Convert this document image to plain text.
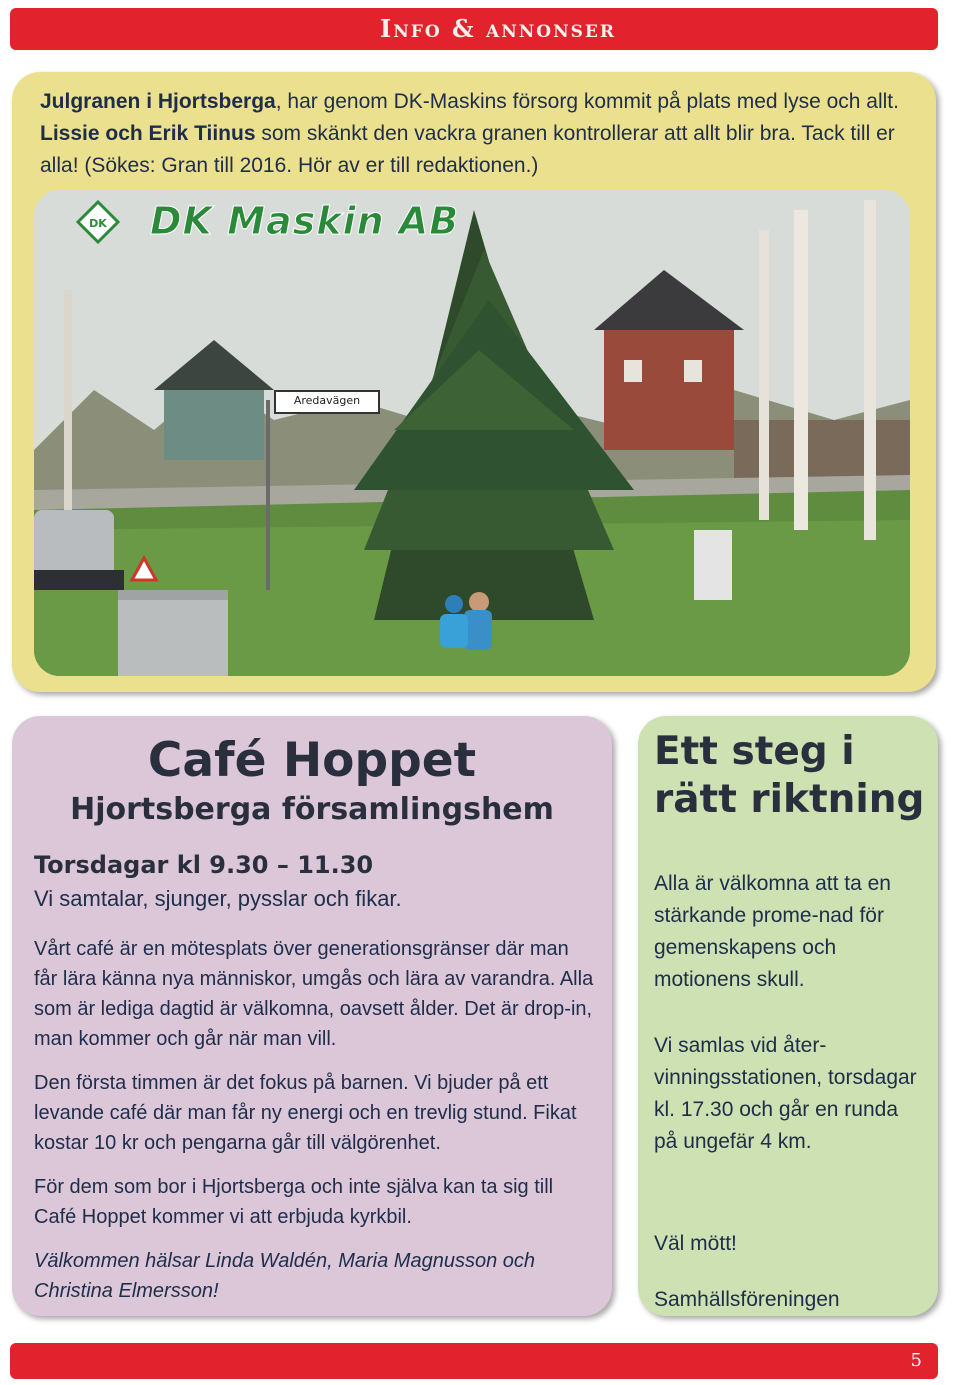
Info & annonser
Julgranen i Hjortsberga, har genom DK-Maskins försorg kommit på plats med lyse och allt. Lissie och Erik Tiinus som skänkt den vackra granen kontrollerar att allt blir bra. Tack till er alla! (Sökes: Gran till 2016. Hör av er till redaktionen.)
DK DK Maskin AB
Aredavägen
Café Hoppet
Hjortsberga församlingshem
Torsdagar kl 9.30 – 11.30
Vi samtalar, sjunger, pysslar och fikar.
Vårt café är en mötesplats över generationsgränser där man får lära känna nya människor, umgås och lära av varandra. Alla som är lediga dagtid är välkomna, oavsett ålder. Det är drop-in, man kommer och går när man vill.
Den första timmen är det fokus på barnen. Vi bjuder på ett levande café där man får ny energi och en trevlig stund. Fikat kostar 10 kr och pengarna går till välgörenhet.
För dem som bor i Hjortsberga och inte själva kan ta sig till Café Hoppet kommer vi att erbjuda kyrkbil.
Välkommen hälsar Linda Waldén, Maria Magnusson och Christina Elmersson!
Ett steg i rätt riktning
Alla är välkomna att ta en stärkande prome-nad för gemenskapens och motionens skull.
Vi samlas vid åter-vinningsstationen, torsdagar kl. 17.30 och går en runda på ungefär 4 km.
Väl mött!
Samhällsföreningen
5
